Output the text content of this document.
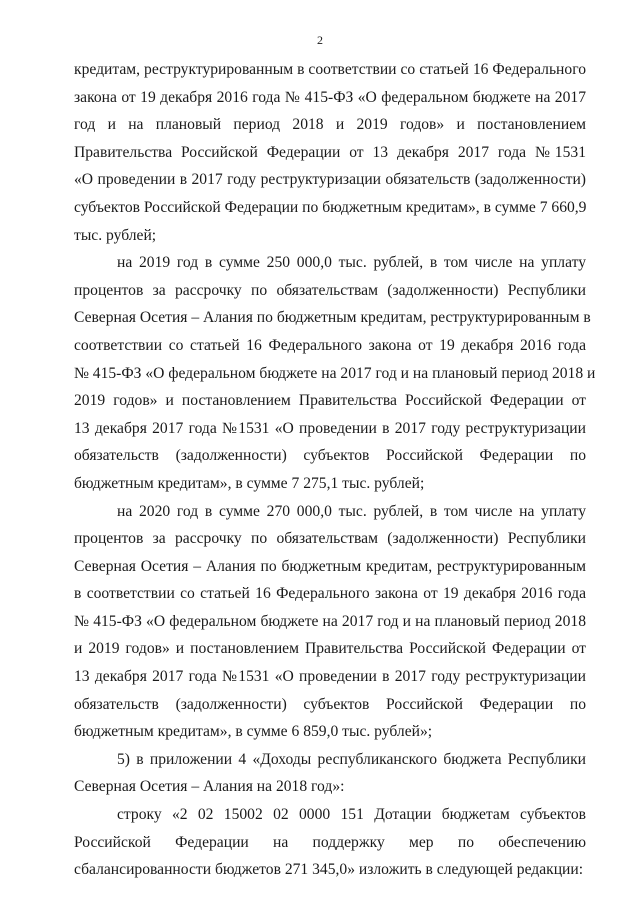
2
кредитам, реструктурированным в соответствии со статьей 16 Федерального
закона от 19 декабря 2016 года № 415-ФЗ «О федеральном бюджете на 2017
год и на плановый период 2018 и 2019 годов» и постановлением
Правительства Российской Федерации от 13 декабря 2017 года №1531
«О проведении в 2017 году реструктуризации обязательств (задолженности)
субъектов Российской Федерации по бюджетным кредитам», в сумме 7 660,9
тыс. рублей;
на 2019 год в сумме 250 000,0 тыс. рублей, в том числе на уплату
процентов за рассрочку по обязательствам (задолженности) Республики
Северная Осетия – Алания по бюджетным кредитам, реструктурированным в
соответствии со статьей 16 Федерального закона от 19 декабря 2016 года
№ 415-ФЗ «О федеральном бюджете на 2017 год и на плановый период 2018 и
2019 годов» и постановлением Правительства Российской Федерации от
13 декабря 2017 года №1531 «О проведении в 2017 году реструктуризации
обязательств (задолженности) субъектов Российской Федерации по
бюджетным кредитам», в сумме 7 275,1 тыс. рублей;
на 2020 год в сумме 270 000,0 тыс. рублей, в том числе на уплату
процентов за рассрочку по обязательствам (задолженности) Республики
Северная Осетия – Алания по бюджетным кредитам, реструктурированным
в соответствии со статьей 16 Федерального закона от 19 декабря 2016 года
№ 415-ФЗ «О федеральном бюджете на 2017 год и на плановый период 2018
и 2019 годов» и постановлением Правительства Российской Федерации от
13 декабря 2017 года №1531 «О проведении в 2017 году реструктуризации
обязательств (задолженности) субъектов Российской Федерации по
бюджетным кредитам», в сумме 6 859,0 тыс. рублей»;
5) в приложении 4 «Доходы республиканского бюджета Республики
Северная Осетия – Алания на 2018 год»:
строку «2 02 15002 02 0000 151 Дотации бюджетам субъектов
Российской Федерации на поддержку мер по обеспечению
сбалансированности бюджетов 271 345,0» изложить в следующей редакции:
